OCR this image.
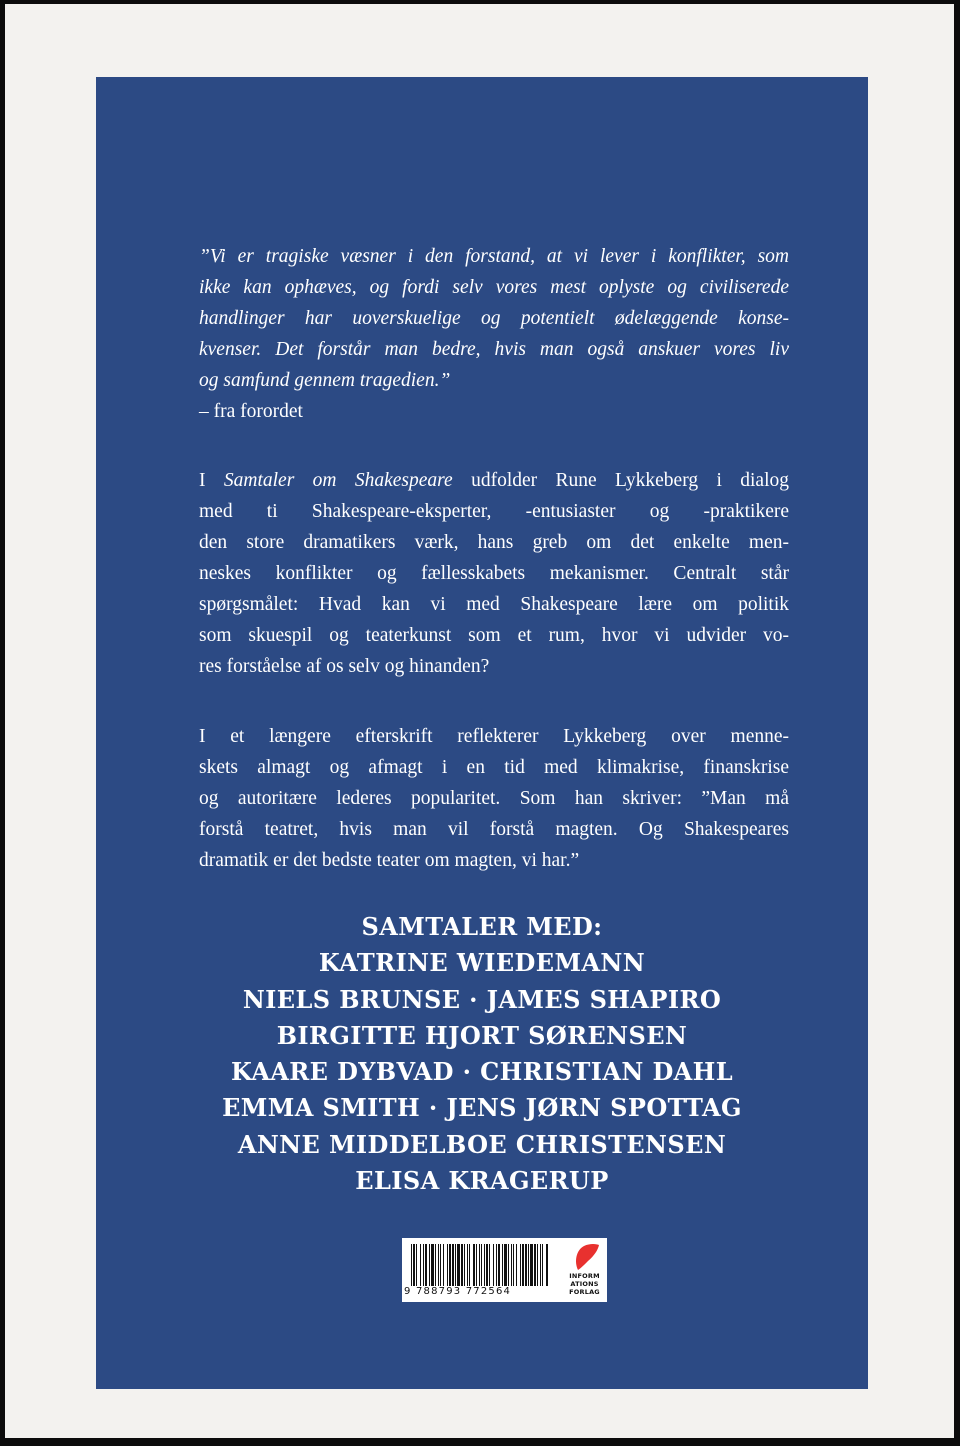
”Vi er tragiske væsner i den forstand, at vi lever i konflikter, som
ikke kan ophæves, og fordi selv vores mest oplyste og civiliserede
handlinger har uoverskuelige og potentielt ødelæggende konse-
kvenser. Det forstår man bedre, hvis man også anskuer vores liv
og samfund gennem tragedien.”
– fra forordet
I Samtaler om Shakespeare udfolder Rune Lykkeberg i dialog
med ti Shakespeare-eksperter, -entusiaster og -praktikere
den store dramatikers værk, hans greb om det enkelte men-
neskes konflikter og fællesskabets mekanismer. Centralt står
spørgsmålet: Hvad kan vi med Shakespeare lære om politik
som skuespil og teaterkunst som et rum, hvor vi udvider vo-
res forståelse af os selv og hinanden?
I et længere efterskrift reflekterer Lykkeberg over menne-
skets almagt og afmagt i en tid med klimakrise, finanskrise
og autoritære lederes popularitet. Som han skriver: ”Man må
forstå teatret, hvis man vil forstå magten. Og Shakespeares
dramatik er det bedste teater om magten, vi har.”
SAMTALER MED:
KATRINE WIEDEMANN
NIELS BRUNSE · JAMES SHAPIRO
BIRGITTE HJORT SØRENSEN
KAARE DYBVAD · CHRISTIAN DAHL
EMMA SMITH · JENS JØRN SPOTTAG
ANNE MIDDELBOE CHRISTENSEN
ELISA KRAGERUP
9 788793 772564
INFORM
ATIONS
FORLAG
